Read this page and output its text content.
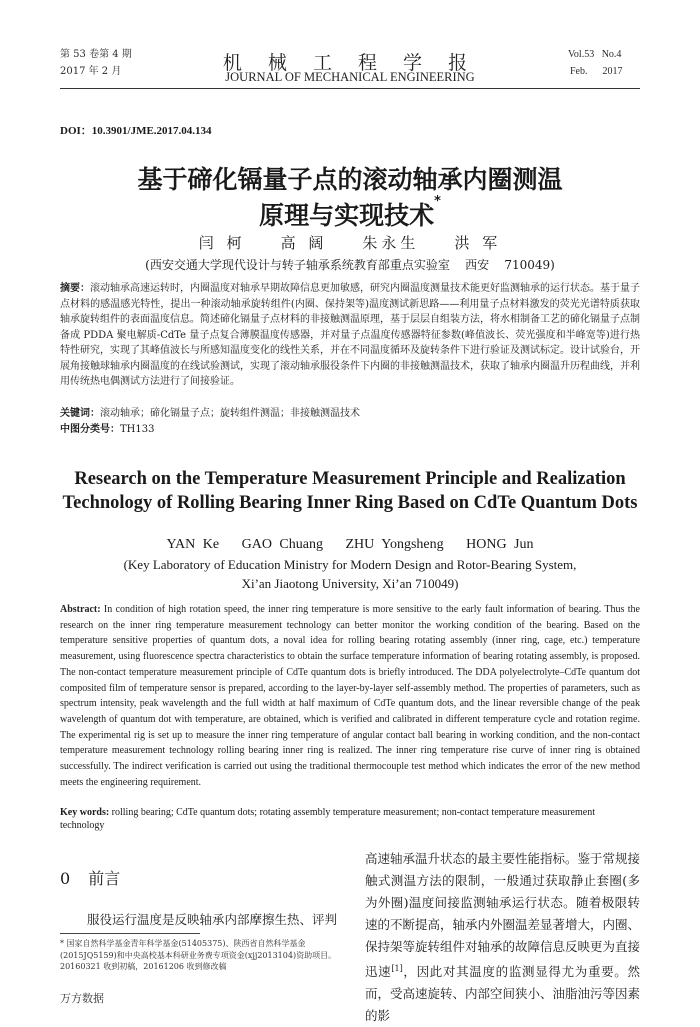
第 53 卷第 4 期
2017 年 2 月	机 械 工 程 学 报
JOURNAL OF MECHANICAL ENGINEERING
Vol.53   No.4
Feb.      2017
DOI：10.3901/JME.2017.04.134
基于碲化镉量子点的滚动轴承内圈测温
原理与实现技术*
闫 柯    高 阔    朱永生    洪 军
(西安交通大学现代设计与转子轴承系统教育部重点实验室    西安    710049)
摘要：滚动轴承高速运转时，内圈温度对轴承早期故障信息更加敏感，研究内圈温度测量技术能更好监测轴承的运行状态。基于量子点材料的感温感光特性，提出一种滚动轴承旋转组件(内圈、保持架等)温度测试新思路——利用量子点材料激发的荧光光谱特质获取轴承旋转组件的表面温度信息。简述碲化镉量子点材料的非接触测温原理，基于层层自组装方法，将水相制备工艺的碲化镉量子点制备成 PDDA 聚电解质-CdTe 量子点复合薄膜温度传感器，并对量子点温度传感器特征参数(峰值波长、荧光强度和半峰宽等)进行热特性研究，实现了其峰值波长与所感知温度变化的线性关系，并在不同温度循环及旋转条件下进行验证及测试标定。设计试验台，开展角接触球轴承内圈温度的在线试验测试，实现了滚动轴承服役条件下内圈的非接触测温技术，获取了轴承内圈温升历程曲线，并利用传统热电偶测试方法进行了间接验证。
关键词：滚动轴承；碲化镉量子点；旋转组件测温；非接触测温技术
中图分类号：TH133
Research on the Temperature Measurement Principle and Realization
Technology of Rolling Bearing Inner Ring Based on CdTe Quantum Dots
YAN Ke   GAO Chuang   ZHU Yongsheng   HONG Jun
(Key Laboratory of Education Ministry for Modern Design and Rotor-Bearing System,
Xi’an Jiaotong University, Xi’an 710049)
Abstract: In condition of high rotation speed, the inner ring temperature is more sensitive to the early fault information of bearing. Thus the research on the inner ring temperature measurement technology can better monitor the working condition of the bearing. Based on the temperature sensitive properties of quantum dots, a noval idea for rolling bearing rotating assembly (inner ring, cage, etc.) temperature measurement, using fluorescence spectra characteristics to obtain the surface temperature information of bearing rotating assembly, is proposed. The non-contact temperature measurement principle of CdTe quantum dots is briefly introduced. The DDA polyelectrolyte–CdTe quantum dot composited film of temperature sensor is prepared, according to the layer-by-layer self-assembly method. The properties of parameters, such as spectrum intensity, peak wavelength and the full width at half maximum of CdTe quantum dots, and the linear reversible change of the peak wavelength of quantum dot with temperature, are obtained, which is verified and calibrated in different temperature cycle and rotation regime. The experimental rig is set up to measure the inner ring temperature of angular contact ball bearing in working condition, and the non-contact temperature measurement technology rolling bearing inner ring is realized. The inner ring temperature rise curve of inner ring is obtained successfully. The indirect verification is carried out using the traditional thermocouple test method which indicates the error of the new method meets the engineering requirement.
Key words: rolling bearing; CdTe quantum dots; rotating assembly temperature measurement; non-contact temperature measurement technology
0 前言
服役运行温度是反映轴承内部摩擦生热、评判
高速轴承温升状态的最主要性能指标。鉴于常规接触式测温方法的限制，一般通过获取静止套圈(多为外圈)温度间接监测轴承运行状态。随着极限转速的不断提高，轴承内外圈温差显著增大，内圈、保持架等旋转组件对轴承的故障信息反映更为直接迅速[1]，因此对其温度的监测显得尤为重要。然而，受高速旋转、内部空间狭小、油脂油污等因素的影
* 国家自然科学基金青年科学基金(51405375)、陕西省自然科学基金(2015JQ5159)和中央高校基本科研业务费专项资金(xjj2013104)资助项目。20160321 收到初稿，20161206 收到修改稿
万方数据
